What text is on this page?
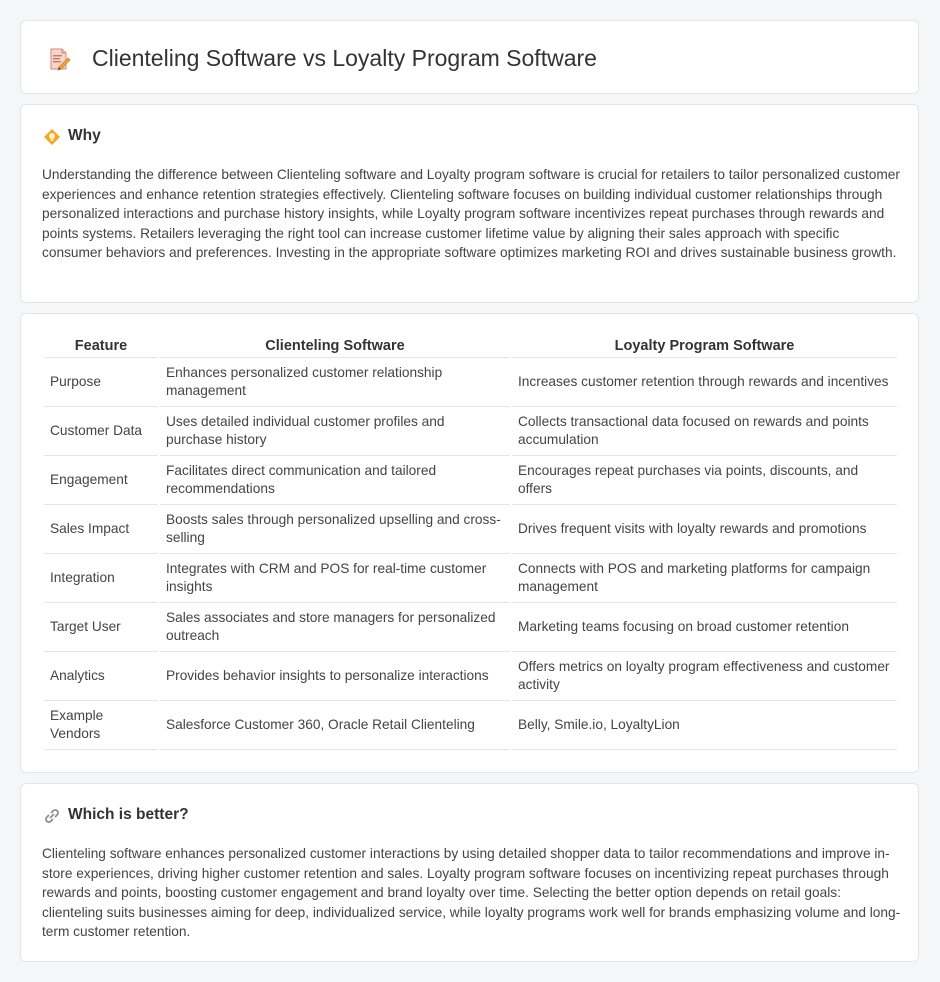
Clienteling Software vs Loyalty Program Software
Why

Understanding the difference between Clienteling software and Loyalty program software is crucial for retailers to tailor personalized customer experiences and enhance retention strategies effectively. Clienteling software focuses on building individual customer relationships through personalized interactions and purchase history insights, while Loyalty program software incentivizes repeat purchases through rewards and points systems. Retailers leveraging the right tool can increase customer lifetime value by aligning their sales approach with specific consumer behaviors and preferences. Investing in the appropriate software optimizes marketing ROI and drives sustainable business growth.

Feature	Clienteling Software	Loyalty Program Software
Purpose	Enhances personalized customer relationship management	Increases customer retention through rewards and incentives
Customer Data	Uses detailed individual customer profiles and purchase history	Collects transactional data focused on rewards and points accumulation
Engagement	Facilitates direct communication and tailored recommendations	Encourages repeat purchases via points, discounts, and offers
Sales Impact	Boosts sales through personalized upselling and cross-selling	Drives frequent visits with loyalty rewards and promotions
Integration	Integrates with CRM and POS for real-time customer insights	Connects with POS and marketing platforms for campaign management
Target User	Sales associates and store managers for personalized outreach	Marketing teams focusing on broad customer retention
Analytics	Provides behavior insights to personalize interactions	Offers metrics on loyalty program effectiveness and customer activity
Example Vendors	Salesforce Customer 360, Oracle Retail Clienteling	Belly, Smile.io, LoyaltyLion
Which is better?

Clienteling software enhances personalized customer interactions by using detailed shopper data to tailor recommendations and improve in-store experiences, driving higher customer retention and sales. Loyalty program software focuses on incentivizing repeat purchases through rewards and points, boosting customer engagement and brand loyalty over time. Selecting the better option depends on retail goals: clienteling suits businesses aiming for deep, individualized service, while loyalty programs work well for brands emphasizing volume and long-term customer retention.
